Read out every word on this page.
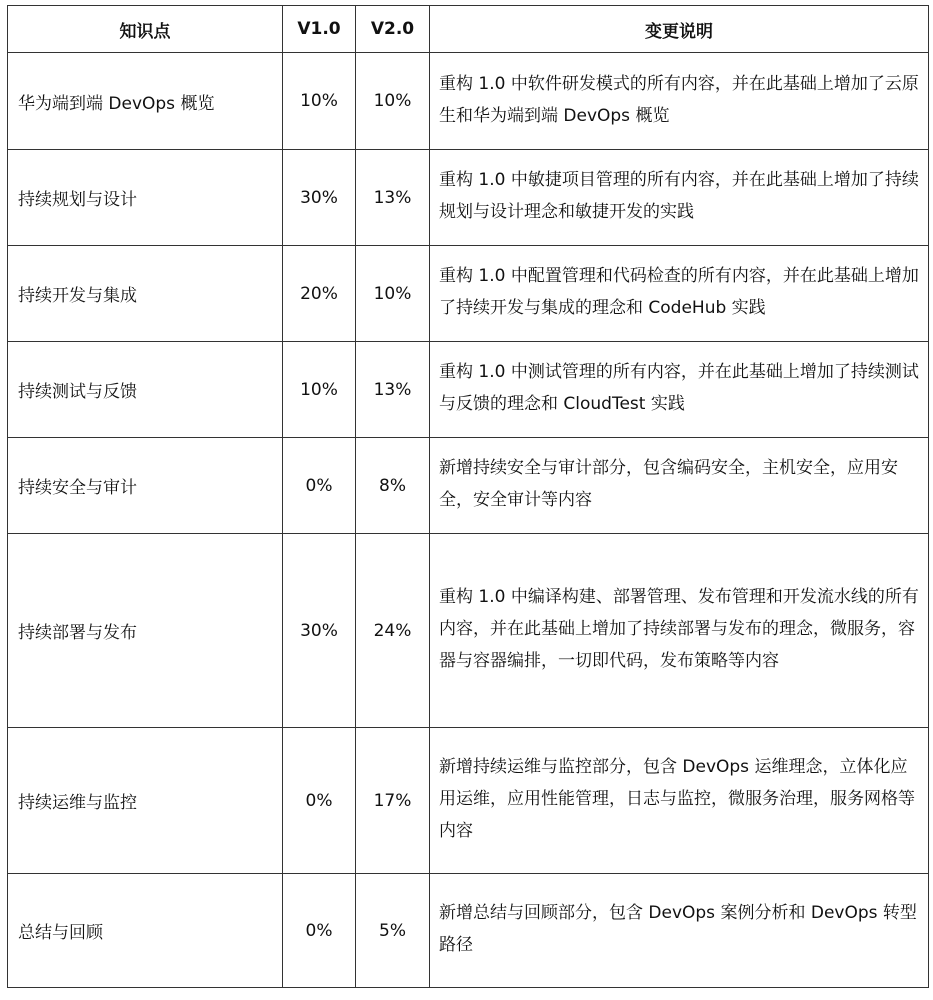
知识点	V1.0	V2.0	变更说明
华为端到端 DevOps 概览	10%	10%	重构 1.0 中软件研发模式的所有内容，并在此基础上增加了云原生和华为端到端 DevOps 概览
持续规划与设计	30%	13%	重构 1.0 中敏捷项目管理的所有内容，并在此基础上增加了持续规划与设计理念和敏捷开发的实践
持续开发与集成	20%	10%	重构 1.0 中配置管理和代码检查的所有内容，并在此基础上增加了持续开发与集成的理念和 CodeHub 实践
持续测试与反馈	10%	13%	重构 1.0 中测试管理的所有内容，并在此基础上增加了持续测试与反馈的理念和 CloudTest 实践
持续安全与审计	0%	8%	新增持续安全与审计部分，包含编码安全，主机安全，应用安全，安全审计等内容
持续部署与发布	30%	24%	重构 1.0 中编译构建、部署管理、发布管理和开发流水线的所有内容，并在此基础上增加了持续部署与发布的理念，微服务，容器与容器编排，一切即代码，发布策略等内容
持续运维与监控	0%	17%	新增持续运维与监控部分，包含 DevOps 运维理念，立体化应用运维，应用性能管理，日志与监控，微服务治理，服务网格等内容
总结与回顾	0%	5%	新增总结与回顾部分，包含 DevOps 案例分析和 DevOps 转型路径
